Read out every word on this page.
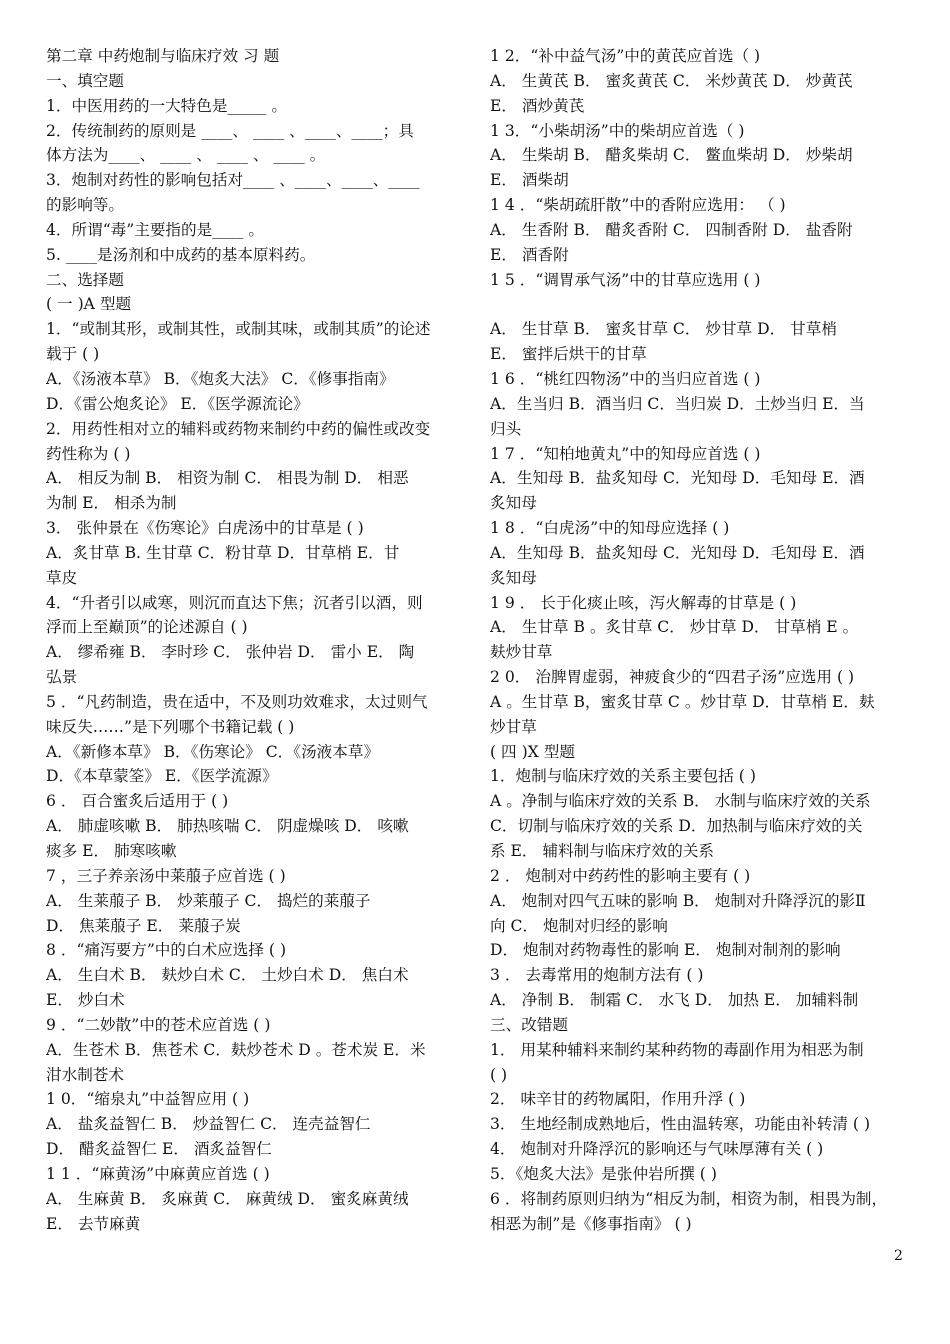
第二章 中药炮制与临床疗效 习 题
一、填空题
1．中医用药的一大特色是_____ 。
2．传统制药的原则是 ____、 ____ 、____、____；具
体方法为____、 ____ 、 ____ 、 ____ 。
3．炮制对药性的影响包括对____ 、____、____、____
的影响等。
4．所谓“毒”主要指的是____ 。
5. ____是汤剂和中成药的基本原料药。
二、选择题
( 一 )A 型题
1．“或制其形，或制其性，或制其味，或制其质”的论述
载于 ( )
A．《汤液本草》 B．《炮炙大法》 C．《修事指南》
D．《雷公炮炙论》 E．《医学源流论》
2．用药性相对立的辅料或药物来制约中药的偏性或改变
药性称为 ( )
A． 相反为制 B． 相资为制 C． 相畏为制 D． 相恶
为制 E． 相杀为制
3． 张仲景在《伤寒论》白虎汤中的甘草是 ( )
A．炙甘草 B. 生甘草 C．粉甘草 D．甘草梢 E．甘
草皮
4．“升者引以咸寒，则沉而直达下焦；沉者引以酒，则
浮而上至巅顶”的论述源自 ( )
A． 缪希雍 B． 李时珍 C． 张仲岩 D． 雷小 E． 陶
弘景
5 ．“凡药制造，贵在适中，不及则功效难求，太过则气
味反失……”是下列哪个书籍记载 ( )
A．《新修本草》 B．《伤寒论》 C．《汤液本草》
D．《本草蒙筌》 E．《医学流源》
6 ． 百合蜜炙后适用于 ( )
A． 肺虚咳嗽 B． 肺热咳喘 C． 阴虚燥咳 D． 咳嗽
痰多 E． 肺寒咳嗽
7 ，三子养亲汤中莱菔子应首选 ( )
A． 生莱菔子 B． 炒莱菔子 C． 捣烂的莱菔子
D． 焦莱菔子 E． 莱菔子炭
8 ．“痛泻要方”中的白术应选择 ( )
A． 生白术 B． 麸炒白术 C． 土炒白术 D． 焦白术
E． 炒白术
9 ．“二妙散”中的苍术应首选 ( )
A．生苍术 B．焦苍术 C．麸炒苍术 D 。苍术炭 E．米
泔水制苍术
1 0．“缩泉丸”中益智应用 ( )
A． 盐炙益智仁 B． 炒益智仁 C． 连壳益智仁
D． 醋炙益智仁 E． 酒炙益智仁
1 1 ．“麻黄汤”中麻黄应首选 ( )
A． 生麻黄 B． 炙麻黄 C． 麻黄绒 D． 蜜炙麻黄绒
E． 去节麻黄
1 2．“补中益气汤”中的黄芪应首选（ )
A． 生黄芪 B． 蜜炙黄芪 C． 米炒黄芪 D． 炒黄芪
E． 酒炒黄芪
1 3．“小柴胡汤”中的柴胡应首选（ )
A． 生柴胡 B． 醋炙柴胡 C． 鳖血柴胡 D． 炒柴胡
E． 酒柴胡
1 4 ．“柴胡疏肝散”中的香附应选用： （ )
A． 生香附 B． 醋炙香附 C． 四制香附 D． 盐香附
E． 酒香附
1 5 ．“调胃承气汤”中的甘草应选用 ( )
A． 生甘草 B． 蜜炙甘草 C． 炒甘草 D． 甘草梢
E． 蜜拌后烘干的甘草
1 6 ．“桃红四物汤”中的当归应首选 ( )
A．生当归 B．酒当归 C．当归炭 D．土炒当归 E．当
归头
1 7 ．“知柏地黄丸”中的知母应首选 ( )
A．生知母 B．盐炙知母 C．光知母 D．毛知母 E．酒
炙知母
1 8 ．“白虎汤”中的知母应选择 ( )
A．生知母 B．盐炙知母 C．光知母 D．毛知母 E．酒
炙知母
1 9 ． 长于化痰止咳，泻火解毒的甘草是 ( )
A． 生甘草 B 。炙甘草 C． 炒甘草 D． 甘草梢 E 。
麸炒甘草
2 0． 治脾胃虚弱，神疲食少的“四君子汤”应选用 ( )
A 。生甘草 B，蜜炙甘草 C 。炒甘草 D．甘草梢 E．麸
炒甘草
( 四 )X 型题
1．炮制与临床疗效的关系主要包括 ( )
A 。净制与临床疗效的关系 B． 水制与临床疗效的关系
C．切制与临床疗效的关系 D．加热制与临床疗效的关
系 E． 辅料制与临床疗效的关系
2 ． 炮制对中药药性的影响主要有 ( )
A． 炮制对四气五味的影响 B． 炮制对升降浮沉的影Ⅱ
向 C． 炮制对归经的影响
D． 炮制对药物毒性的影响 E． 炮制对制剂的影响
3 ． 去毒常用的炮制方法有 ( )
A． 净制 B． 制霜 C． 水飞 D． 加热 E． 加辅料制
三、改错题
1． 用某种辅料来制约某种药物的毒副作用为相恶为制
( )
2． 味辛甘的药物属阳，作用升浮 ( )
3． 生地经制成熟地后，性由温转寒，功能由补转清 ( )
4． 炮制对升降浮沉的影响还与气味厚薄有关 ( )
5．《炮炙大法》是张仲岩所撰 ( )
6 ．将制药原则归纳为“相反为制，相资为制，相畏为制，
相恶为制”是《修事指南》 ( )
2
